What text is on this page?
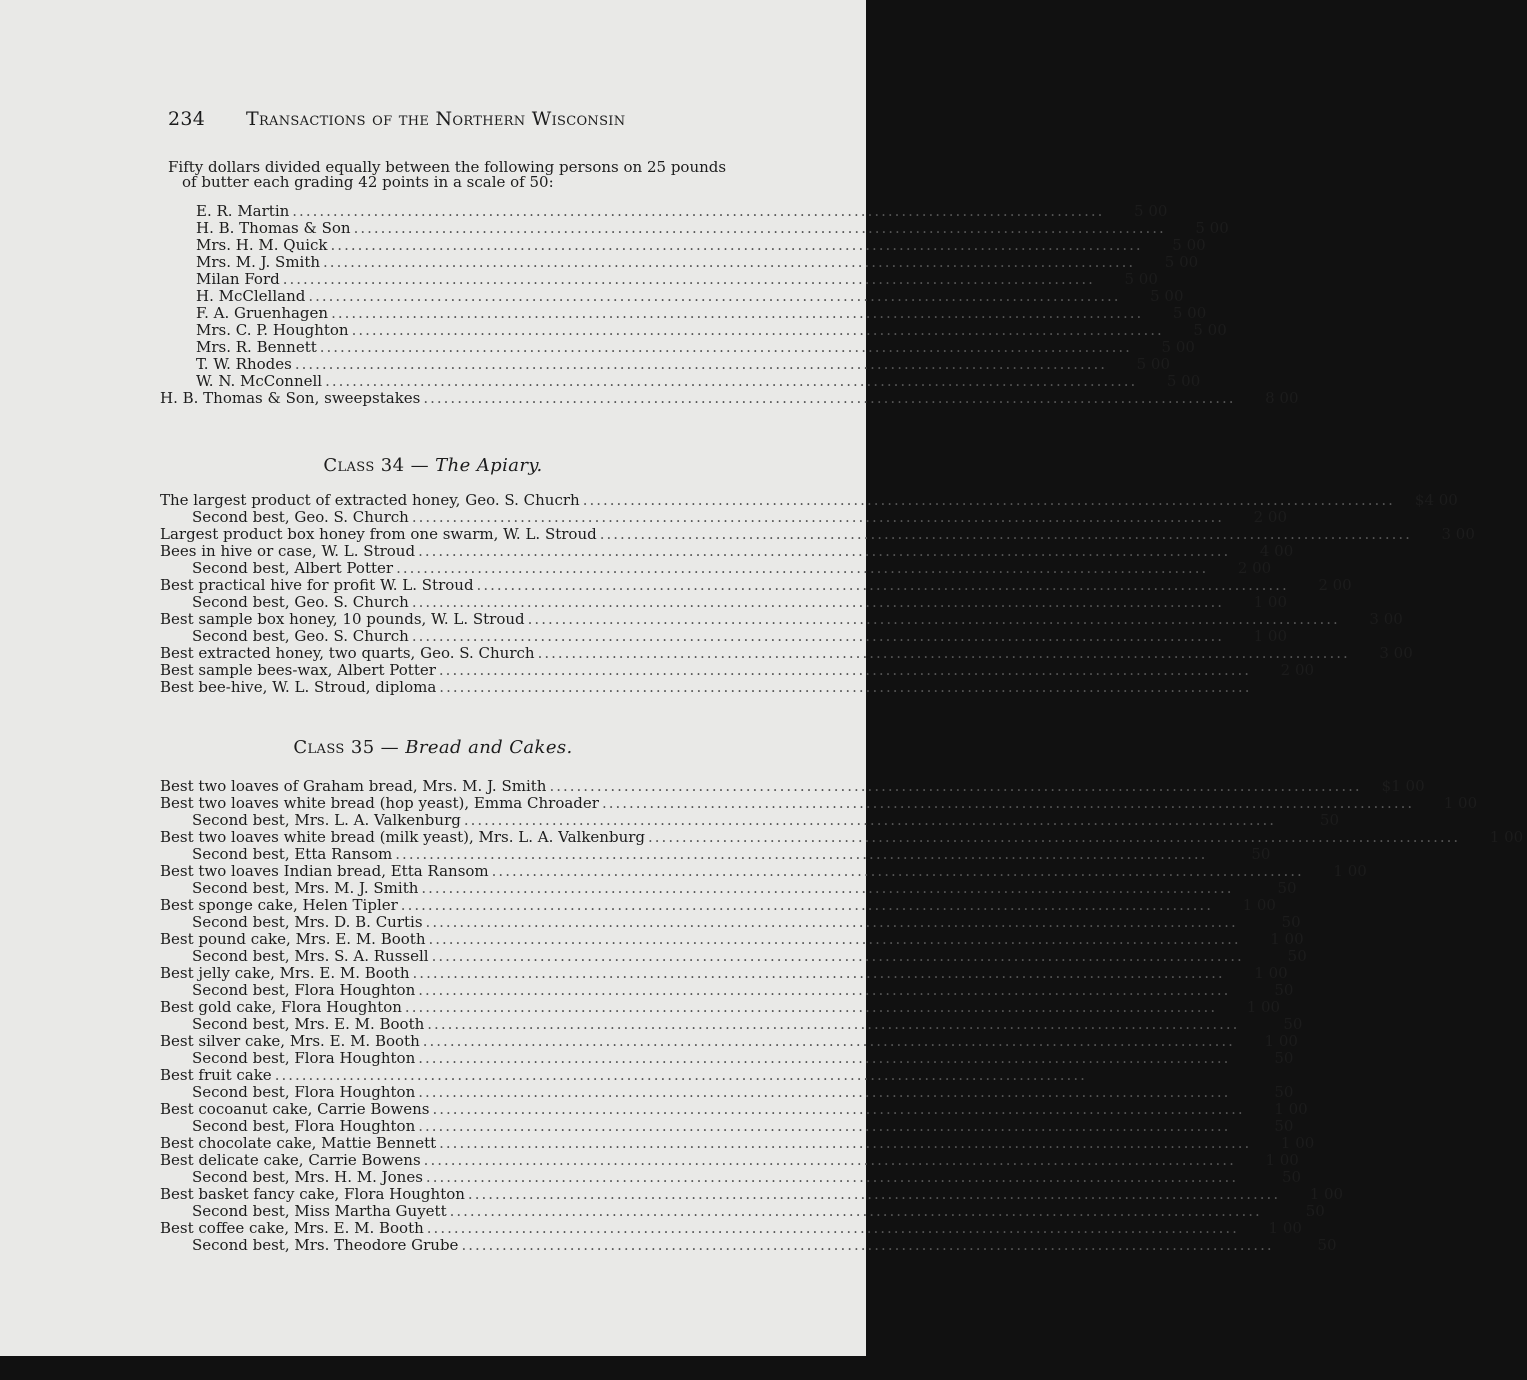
234 Transactions of the Northern Wisconsin
Fifty dollars divided equally between the following persons on 25 pounds
of butter each grading 42 points in a scale of 50:
E. R. Martin ........................................................................................................................	5 00
H. B. Thomas & Son ........................................................................................................................	5 00
Mrs. H. M. Quick ........................................................................................................................	5 00
Mrs. M. J. Smith ........................................................................................................................	5 00
Milan Ford ........................................................................................................................	5 00
H. McClelland ........................................................................................................................	5 00
F. A. Gruenhagen ........................................................................................................................	5 00
Mrs. C. P. Houghton ........................................................................................................................	5 00
Mrs. R. Bennett ........................................................................................................................	5 00
T. W. Rhodes ........................................................................................................................	5 00
W. N. McConnell ........................................................................................................................	5 00
H. B. Thomas & Son, sweepstakes ........................................................................................................................	8 00
Class 34 — The Apiary.
The largest product of extracted honey, Geo. S. Chucrh ........................................................................................................................	$4 00
Second best, Geo. S. Church ........................................................................................................................	2 00
Largest product box honey from one swarm, W. L. Stroud ........................................................................................................................	3 00
Bees in hive or case, W. L. Stroud ........................................................................................................................	4 00
Second best, Albert Potter ........................................................................................................................	2 00
Best practical hive for profit W. L. Stroud ........................................................................................................................	2 00
Second best, Geo. S. Church ........................................................................................................................	1 00
Best sample box honey, 10 pounds, W. L. Stroud ........................................................................................................................	3 00
Second best, Geo. S. Church ........................................................................................................................	1 00
Best extracted honey, two quarts, Geo. S. Church ........................................................................................................................	3 00
Best sample bees-wax, Albert Potter ........................................................................................................................	2 00
Best bee-hive, W. L. Stroud, diploma ........................................................................................................................
Class 35 — Bread and Cakes.
Best two loaves of Graham bread, Mrs. M. J. Smith ........................................................................................................................	$1 00
Best two loaves white bread (hop yeast), Emma Chroader ........................................................................................................................	1 00
Second best, Mrs. L. A. Valkenburg ........................................................................................................................	50
Best two loaves white bread (milk yeast), Mrs. L. A. Valkenburg ........................................................................................................................	1 00
Second best, Etta Ransom ........................................................................................................................	50
Best two loaves Indian bread, Etta Ransom ........................................................................................................................	1 00
Second best, Mrs. M. J. Smith ........................................................................................................................	50
Best sponge cake, Helen Tipler ........................................................................................................................	1 00
Second best, Mrs. D. B. Curtis ........................................................................................................................	50
Best pound cake, Mrs. E. M. Booth ........................................................................................................................	1 00
Second best, Mrs. S. A. Russell ........................................................................................................................	50
Best jelly cake, Mrs. E. M. Booth ........................................................................................................................	1 00
Second best, Flora Houghton ........................................................................................................................	50
Best gold cake, Flora Houghton ........................................................................................................................	1 00
Second best, Mrs. E. M. Booth ........................................................................................................................	50
Best silver cake, Mrs. E. M. Booth ........................................................................................................................	1 00
Second best, Flora Houghton ........................................................................................................................	50
Best fruit cake ........................................................................................................................
Second best, Flora Houghton ........................................................................................................................	50
Best cocoanut cake, Carrie Bowens ........................................................................................................................	1 00
Second best, Flora Houghton ........................................................................................................................	50
Best chocolate cake, Mattie Bennett ........................................................................................................................	1 00
Best delicate cake, Carrie Bowens ........................................................................................................................	1 00
Second best, Mrs. H. M. Jones ........................................................................................................................	50
Best basket fancy cake, Flora Houghton ........................................................................................................................	1 00
Second best, Miss Martha Guyett ........................................................................................................................	50
Best coffee cake, Mrs. E. M. Booth ........................................................................................................................	1 00
Second best, Mrs. Theodore Grube ........................................................................................................................	50
